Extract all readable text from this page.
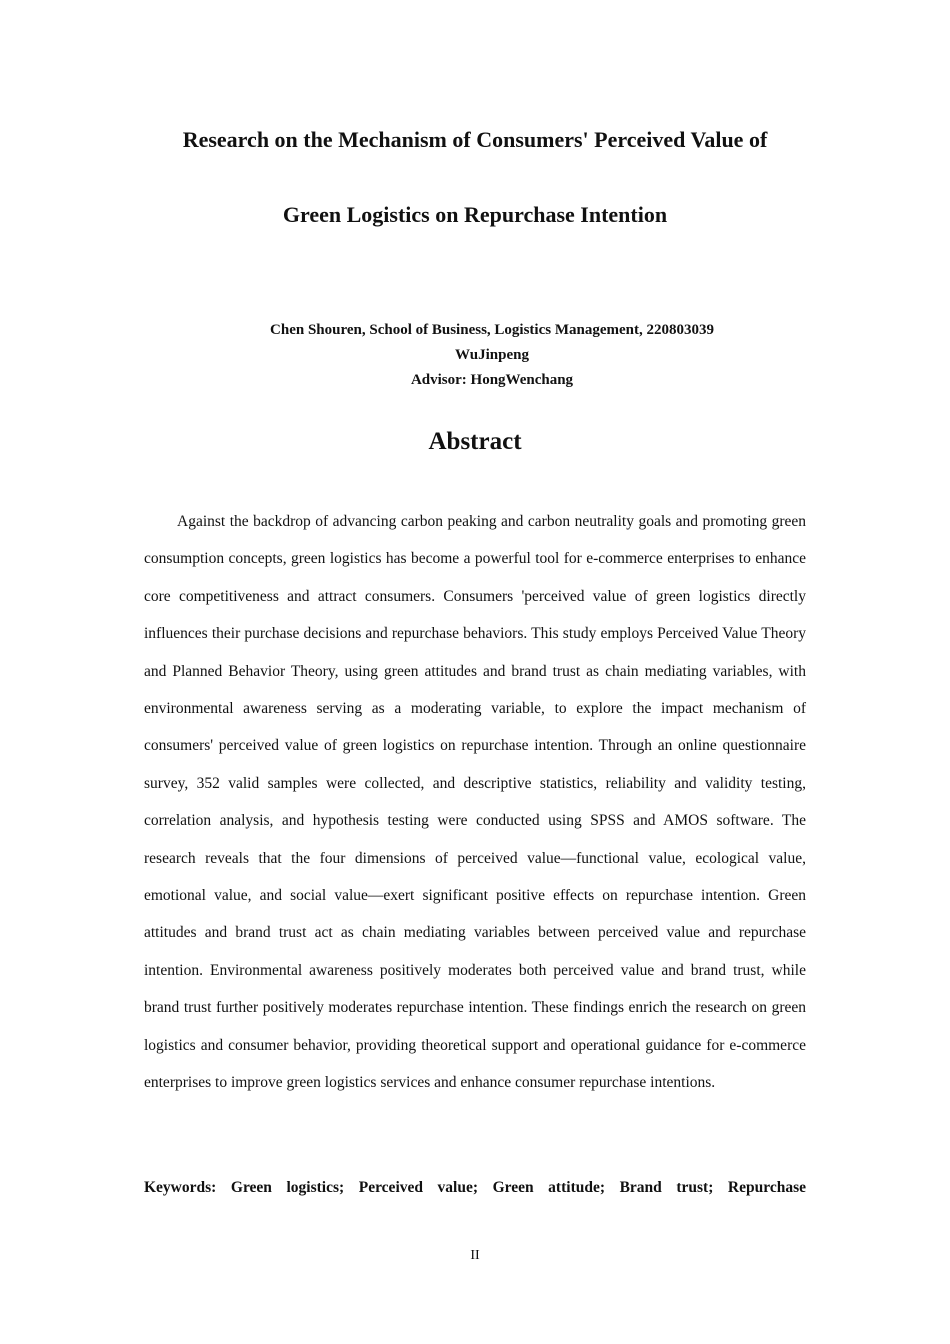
Research on the Mechanism of Consumers' Perceived Value of
Green Logistics on Repurchase Intention

Chen Shouren, School of Business, Logistics Management, 220803039

WuJinpeng

Advisor: HongWenchang

Abstract

Against the backdrop of advancing carbon peaking and carbon neutrality goals and promoting green consumption concepts, green logistics has become a powerful tool for e-commerce enterprises to enhance core competitiveness and attract consumers. Consumers 'perceived value of green logistics directly influences their purchase decisions and repurchase behaviors. This study employs Perceived Value Theory and Planned Behavior Theory, using green attitudes and brand trust as chain mediating variables, with environmental awareness serving as a moderating variable, to explore the impact mechanism of consumers' perceived value of green logistics on repurchase intention. Through an online questionnaire survey, 352 valid samples were collected, and descriptive statistics, reliability and validity testing, correlation analysis, and hypothesis testing were conducted using SPSS and AMOS software. The research reveals that the four dimensions of perceived value—functional value, ecological value, emotional value, and social value—exert significant positive effects on repurchase intention. Green attitudes and brand trust act as chain mediating variables between perceived value and repurchase intention. Environmental awareness positively moderates both perceived value and brand trust, while brand trust further positively moderates repurchase intention. These findings enrich the research on green logistics and consumer behavior, providing theoretical support and operational guidance for e-commerce enterprises to improve green logistics services and enhance consumer repurchase intentions.

Keywords: Green logistics; Perceived value; Green attitude; Brand trust; Repurchase

II
